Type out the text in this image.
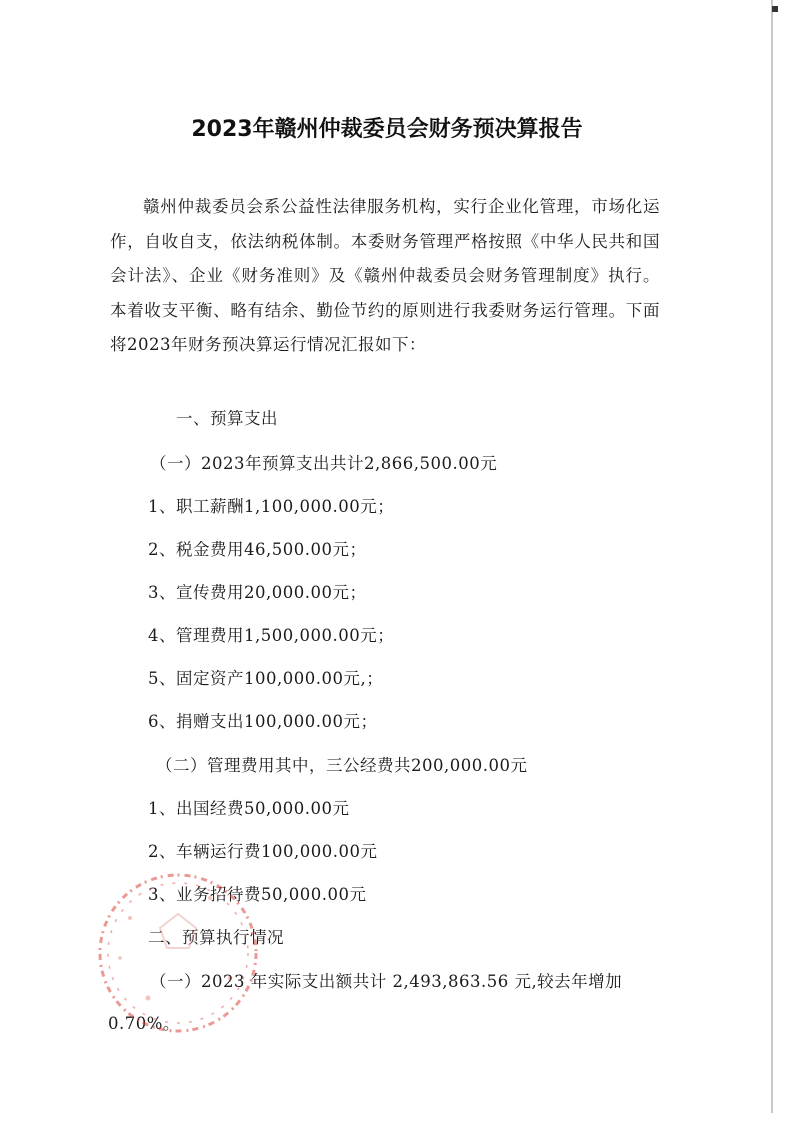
2023年赣州仲裁委员会财务预决算报告
赣州仲裁委员会系公益性法律服务机构，实行企业化管理，市场化运作，自收自支，依法纳税体制。本委财务管理严格按照《中华人民共和国会计法》、企业《财务准则》及《赣州仲裁委员会财务管理制度》执行。本着收支平衡、略有结余、勤俭节约的原则进行我委财务运行管理。下面将2023年财务预决算运行情况汇报如下：
一、预算支出
（一）2023年预算支出共计2,866,500.00元
1、职工薪酬1,100,000.00元；
2、税金费用46,500.00元；
3、宣传费用20,000.00元；
4、管理费用1,500,000.00元；
5、固定资产100,000.00元,；
6、捐赠支出100,000.00元；
（二）管理费用其中，三公经费共200,000.00元
1、出国经费50,000.00元
2、车辆运行费100,000.00元
3、业务招待费50,000.00元
二、预算执行情况
（一）2023 年实际支出额共计 2,493,863.56 元,较去年增加
0.70%。
